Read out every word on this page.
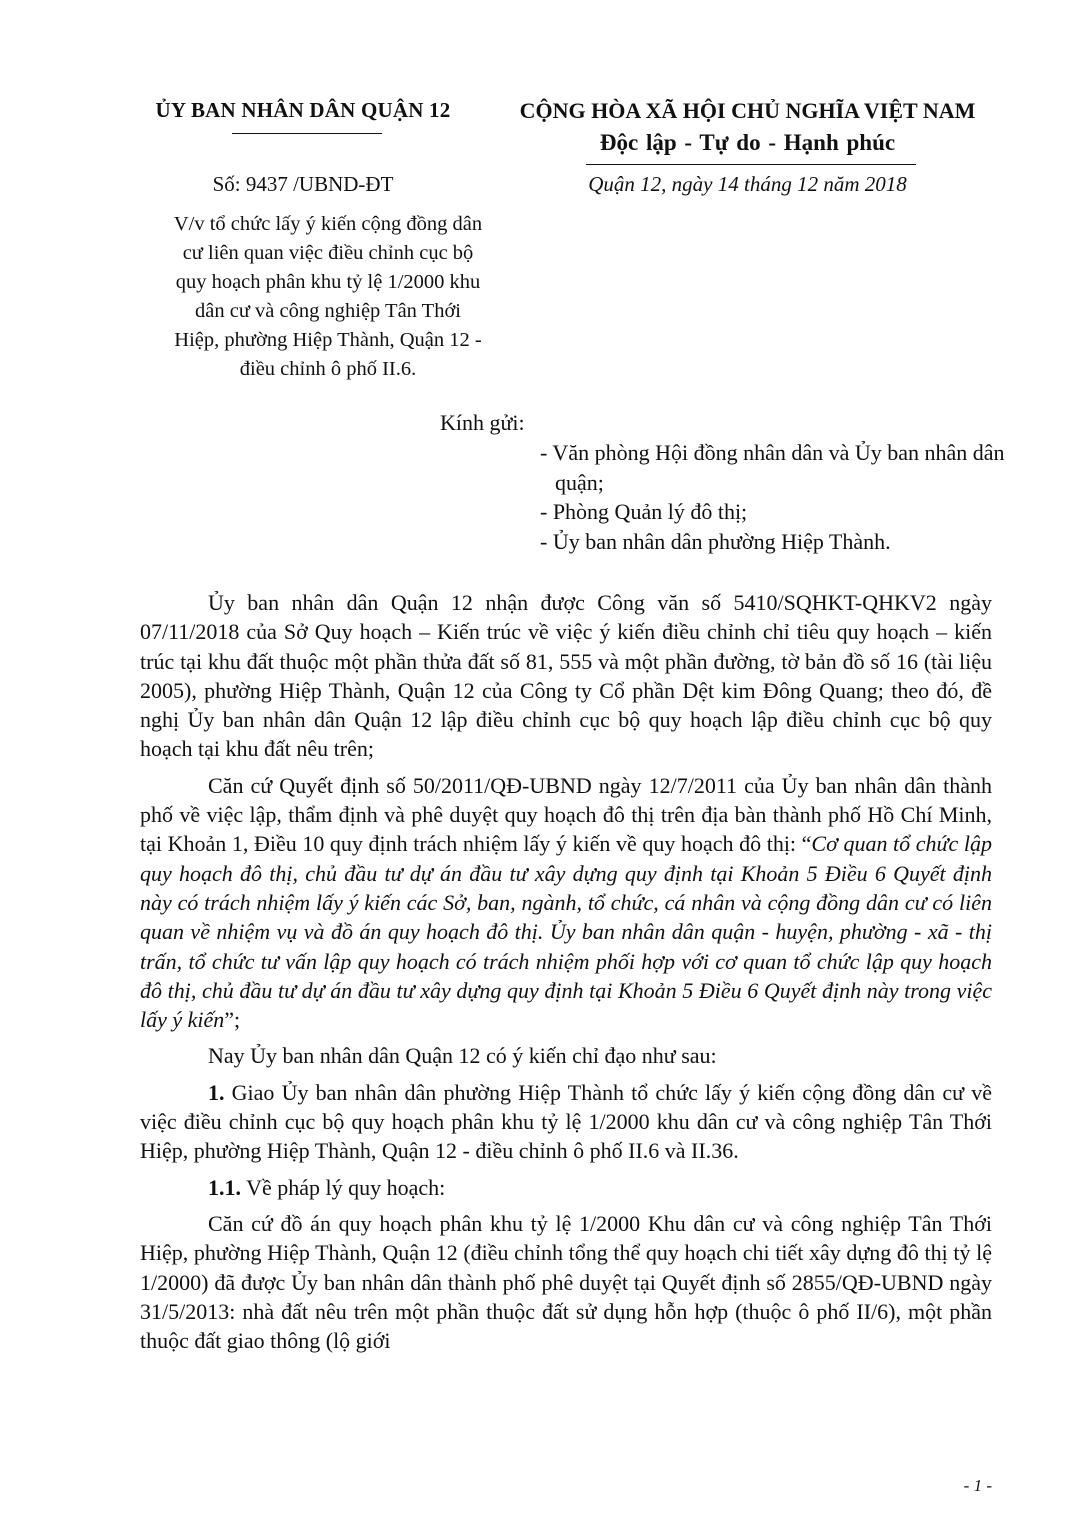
ỦY BAN NHÂN DÂN QUẬN 12	CỘNG HÒA XÃ HỘI CHỦ NGHĨA VIỆT NAM
Độc lập - Tự do - Hạnh phúc
Số: 9437 /UBND-ĐT	Quận 12, ngày 14 tháng 12 năm 2018
V/v tổ chức lấy ý kiến cộng đồng dân
cư liên quan việc điều chỉnh cục bộ
quy hoạch phân khu tỷ lệ 1/2000 khu
dân cư và công nghiệp Tân Thới
Hiệp, phường Hiệp Thành, Quận 12 -
điều chỉnh ô phố II.6.
Kính gửi:
- Văn phòng Hội đồng nhân dân và Ủy ban nhân dân quận;
- Phòng Quản lý đô thị;
- Ủy ban nhân dân phường Hiệp Thành.

Ủy ban nhân dân Quận 12 nhận được Công văn số 5410/SQHKT-QHKV2 ngày 07/11/2018 của Sở Quy hoạch – Kiến trúc về việc ý kiến điều chỉnh chỉ tiêu quy hoạch – kiến trúc tại khu đất thuộc một phần thửa đất số 81, 555 và một phần đường, tờ bản đồ số 16 (tài liệu 2005), phường Hiệp Thành, Quận 12 của Công ty Cổ phần Dệt kim Đông Quang; theo đó, đề nghị Ủy ban nhân dân Quận 12 lập điều chỉnh cục bộ quy hoạch lập điều chỉnh cục bộ quy hoạch tại khu đất nêu trên;

Căn cứ Quyết định số 50/2011/QĐ-UBND ngày 12/7/2011 của Ủy ban nhân dân thành phố về việc lập, thẩm định và phê duyệt quy hoạch đô thị trên địa bàn thành phố Hồ Chí Minh, tại Khoản 1, Điều 10 quy định trách nhiệm lấy ý kiến về quy hoạch đô thị: “Cơ quan tổ chức lập quy hoạch đô thị, chủ đầu tư dự án đầu tư xây dựng quy định tại Khoản 5 Điều 6 Quyết định này có trách nhiệm lấy ý kiến các Sở, ban, ngành, tổ chức, cá nhân và cộng đồng dân cư có liên quan về nhiệm vụ và đồ án quy hoạch đô thị. Ủy ban nhân dân quận - huyện, phường - xã - thị trấn, tổ chức tư vấn lập quy hoạch có trách nhiệm phối hợp với cơ quan tổ chức lập quy hoạch đô thị, chủ đầu tư dự án đầu tư xây dựng quy định tại Khoản 5 Điều 6 Quyết định này trong việc lấy ý kiến”;

Nay Ủy ban nhân dân Quận 12 có ý kiến chỉ đạo như sau:

1. Giao Ủy ban nhân dân phường Hiệp Thành tổ chức lấy ý kiến cộng đồng dân cư về việc điều chỉnh cục bộ quy hoạch phân khu tỷ lệ 1/2000 khu dân cư và công nghiệp Tân Thới Hiệp, phường Hiệp Thành, Quận 12 - điều chỉnh ô phố II.6 và II.36.

1.1. Về pháp lý quy hoạch:

Căn cứ đồ án quy hoạch phân khu tỷ lệ 1/2000 Khu dân cư và công nghiệp Tân Thới Hiệp, phường Hiệp Thành, Quận 12 (điều chỉnh tổng thể quy hoạch chi tiết xây dựng đô thị tỷ lệ 1/2000) đã được Ủy ban nhân dân thành phố phê duyệt tại Quyết định số 2855/QĐ-UBND ngày 31/5/2013: nhà đất nêu trên một phần thuộc đất sử dụng hỗn hợp (thuộc ô phố II/6), một phần thuộc đất giao thông (lộ giới

- 1 -
